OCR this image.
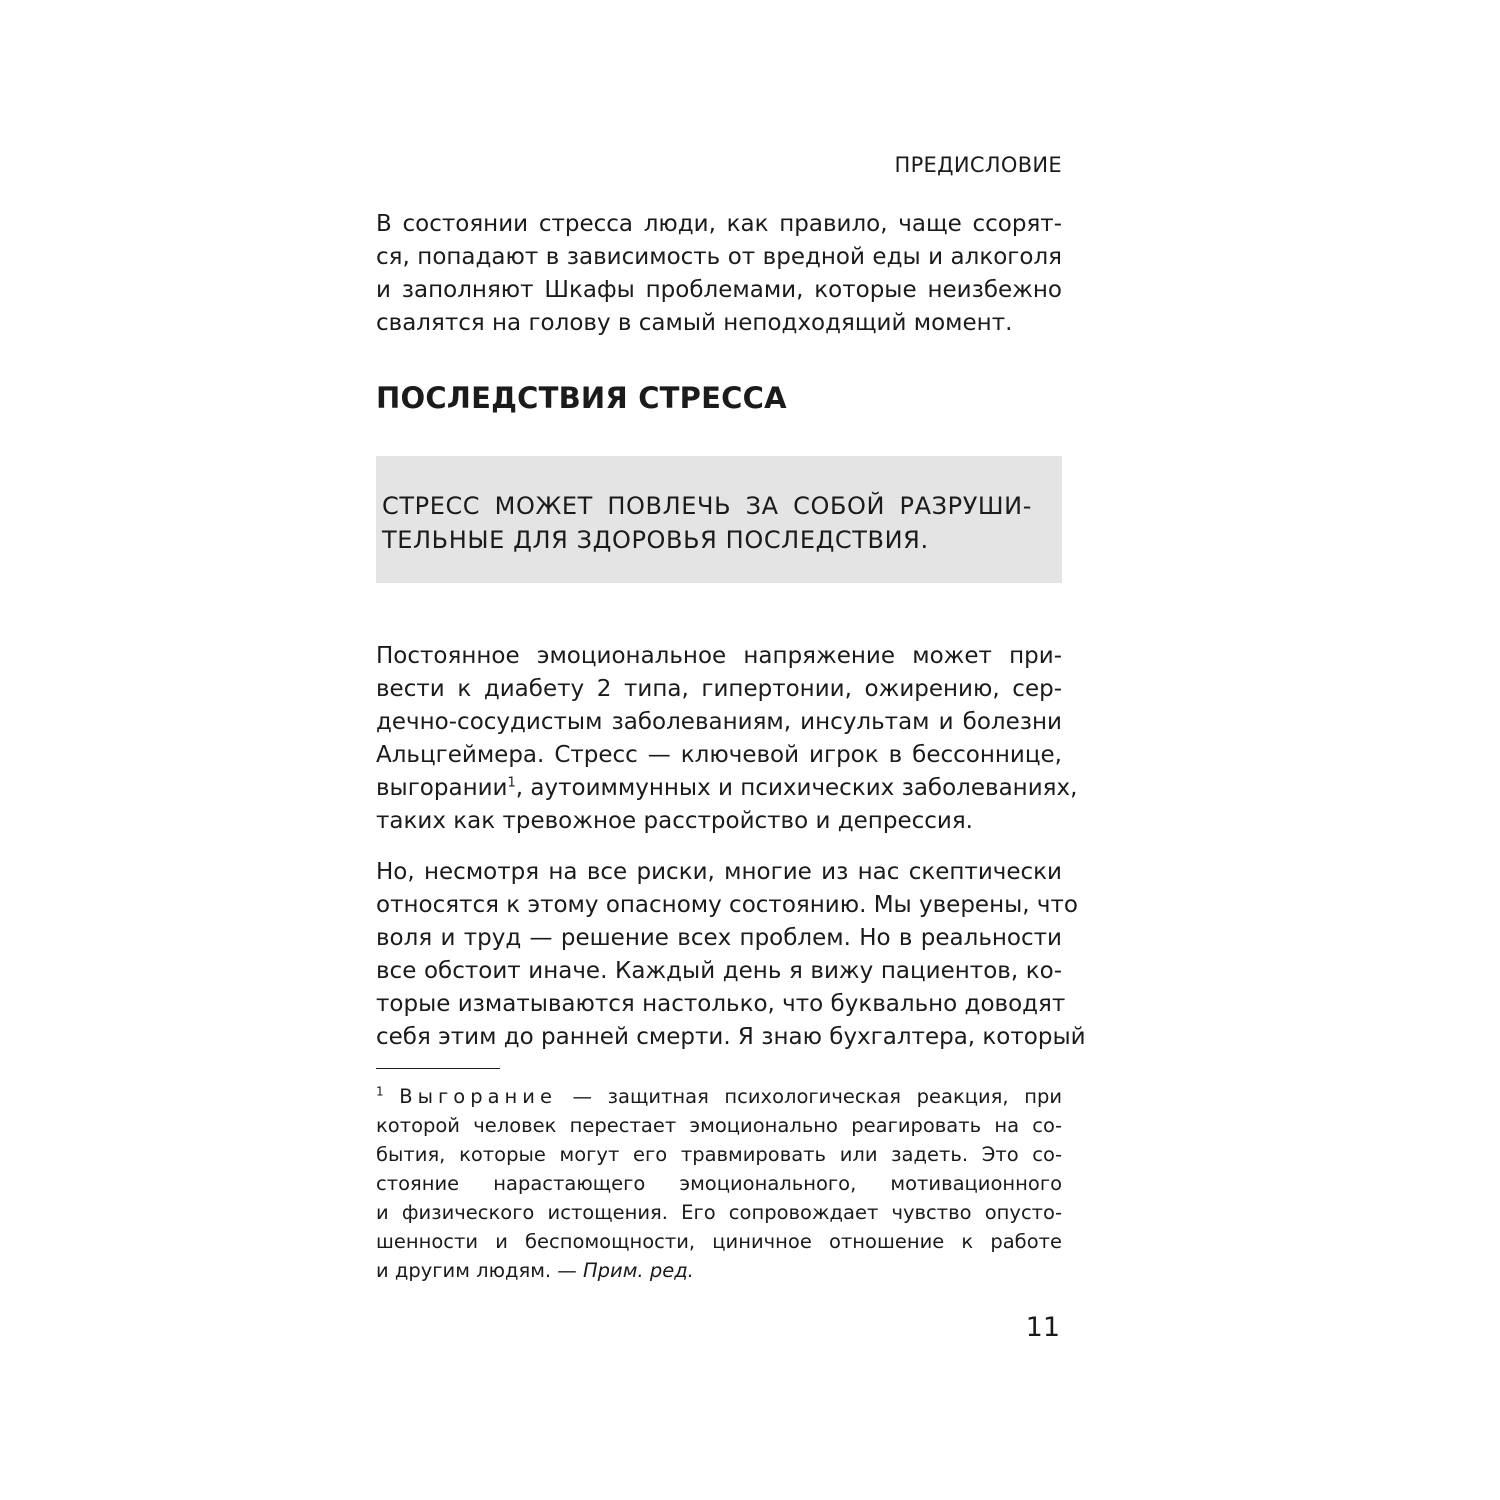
ПРЕДИСЛОВИЕ
В состоянии стресса люди, как правило, чаще ссорят-
ся, попадают в зависимость от вредной еды и алкоголя
и заполняют Шкафы проблемами, которые неизбежно
свалятся на голову в самый неподходящий момент.
ПОСЛЕДСТВИЯ СТРЕССА
СТРЕСС МОЖЕТ ПОВЛЕЧЬ ЗА СОБОЙ РАЗРУШИ-
ТЕЛЬНЫЕ ДЛЯ ЗДОРОВЬЯ ПОСЛЕДСТВИЯ.
Постоянное эмоциональное напряжение может при-
вести к диабету 2 типа, гипертонии, ожирению, сер-
дечно-сосудистым заболеваниям, инсультам и болезни
Альцгеймера. Стресс — ключевой игрок в бессоннице,
выгорании$^1$, аутоиммунных и психических заболеваниях,
таких как тревожное расстройство и депрессия.
Но, несмотря на все риски, многие из нас скептически
относятся к этому опасному состоянию. Мы уверены, что
воля и труд — решение всех проблем. Но в реальности
все обстоит иначе. Каждый день я вижу пациентов, ко-
торые изматываются настолько, что буквально доводят
себя этим до ранней смерти. Я знаю бухгалтера, который
$^1$ Выгорание — защитная психологическая реакция, при
которой человек перестает эмоционально реагировать на со-
бытия, которые могут его травмировать или задеть. Это со-
стояние нарастающего эмоционального, мотивационного
и физического истощения. Его сопровождает чувство опусто-
шенности и беспомощности, циничное отношение к работе
и другим людям. — Прим. ред.
11
